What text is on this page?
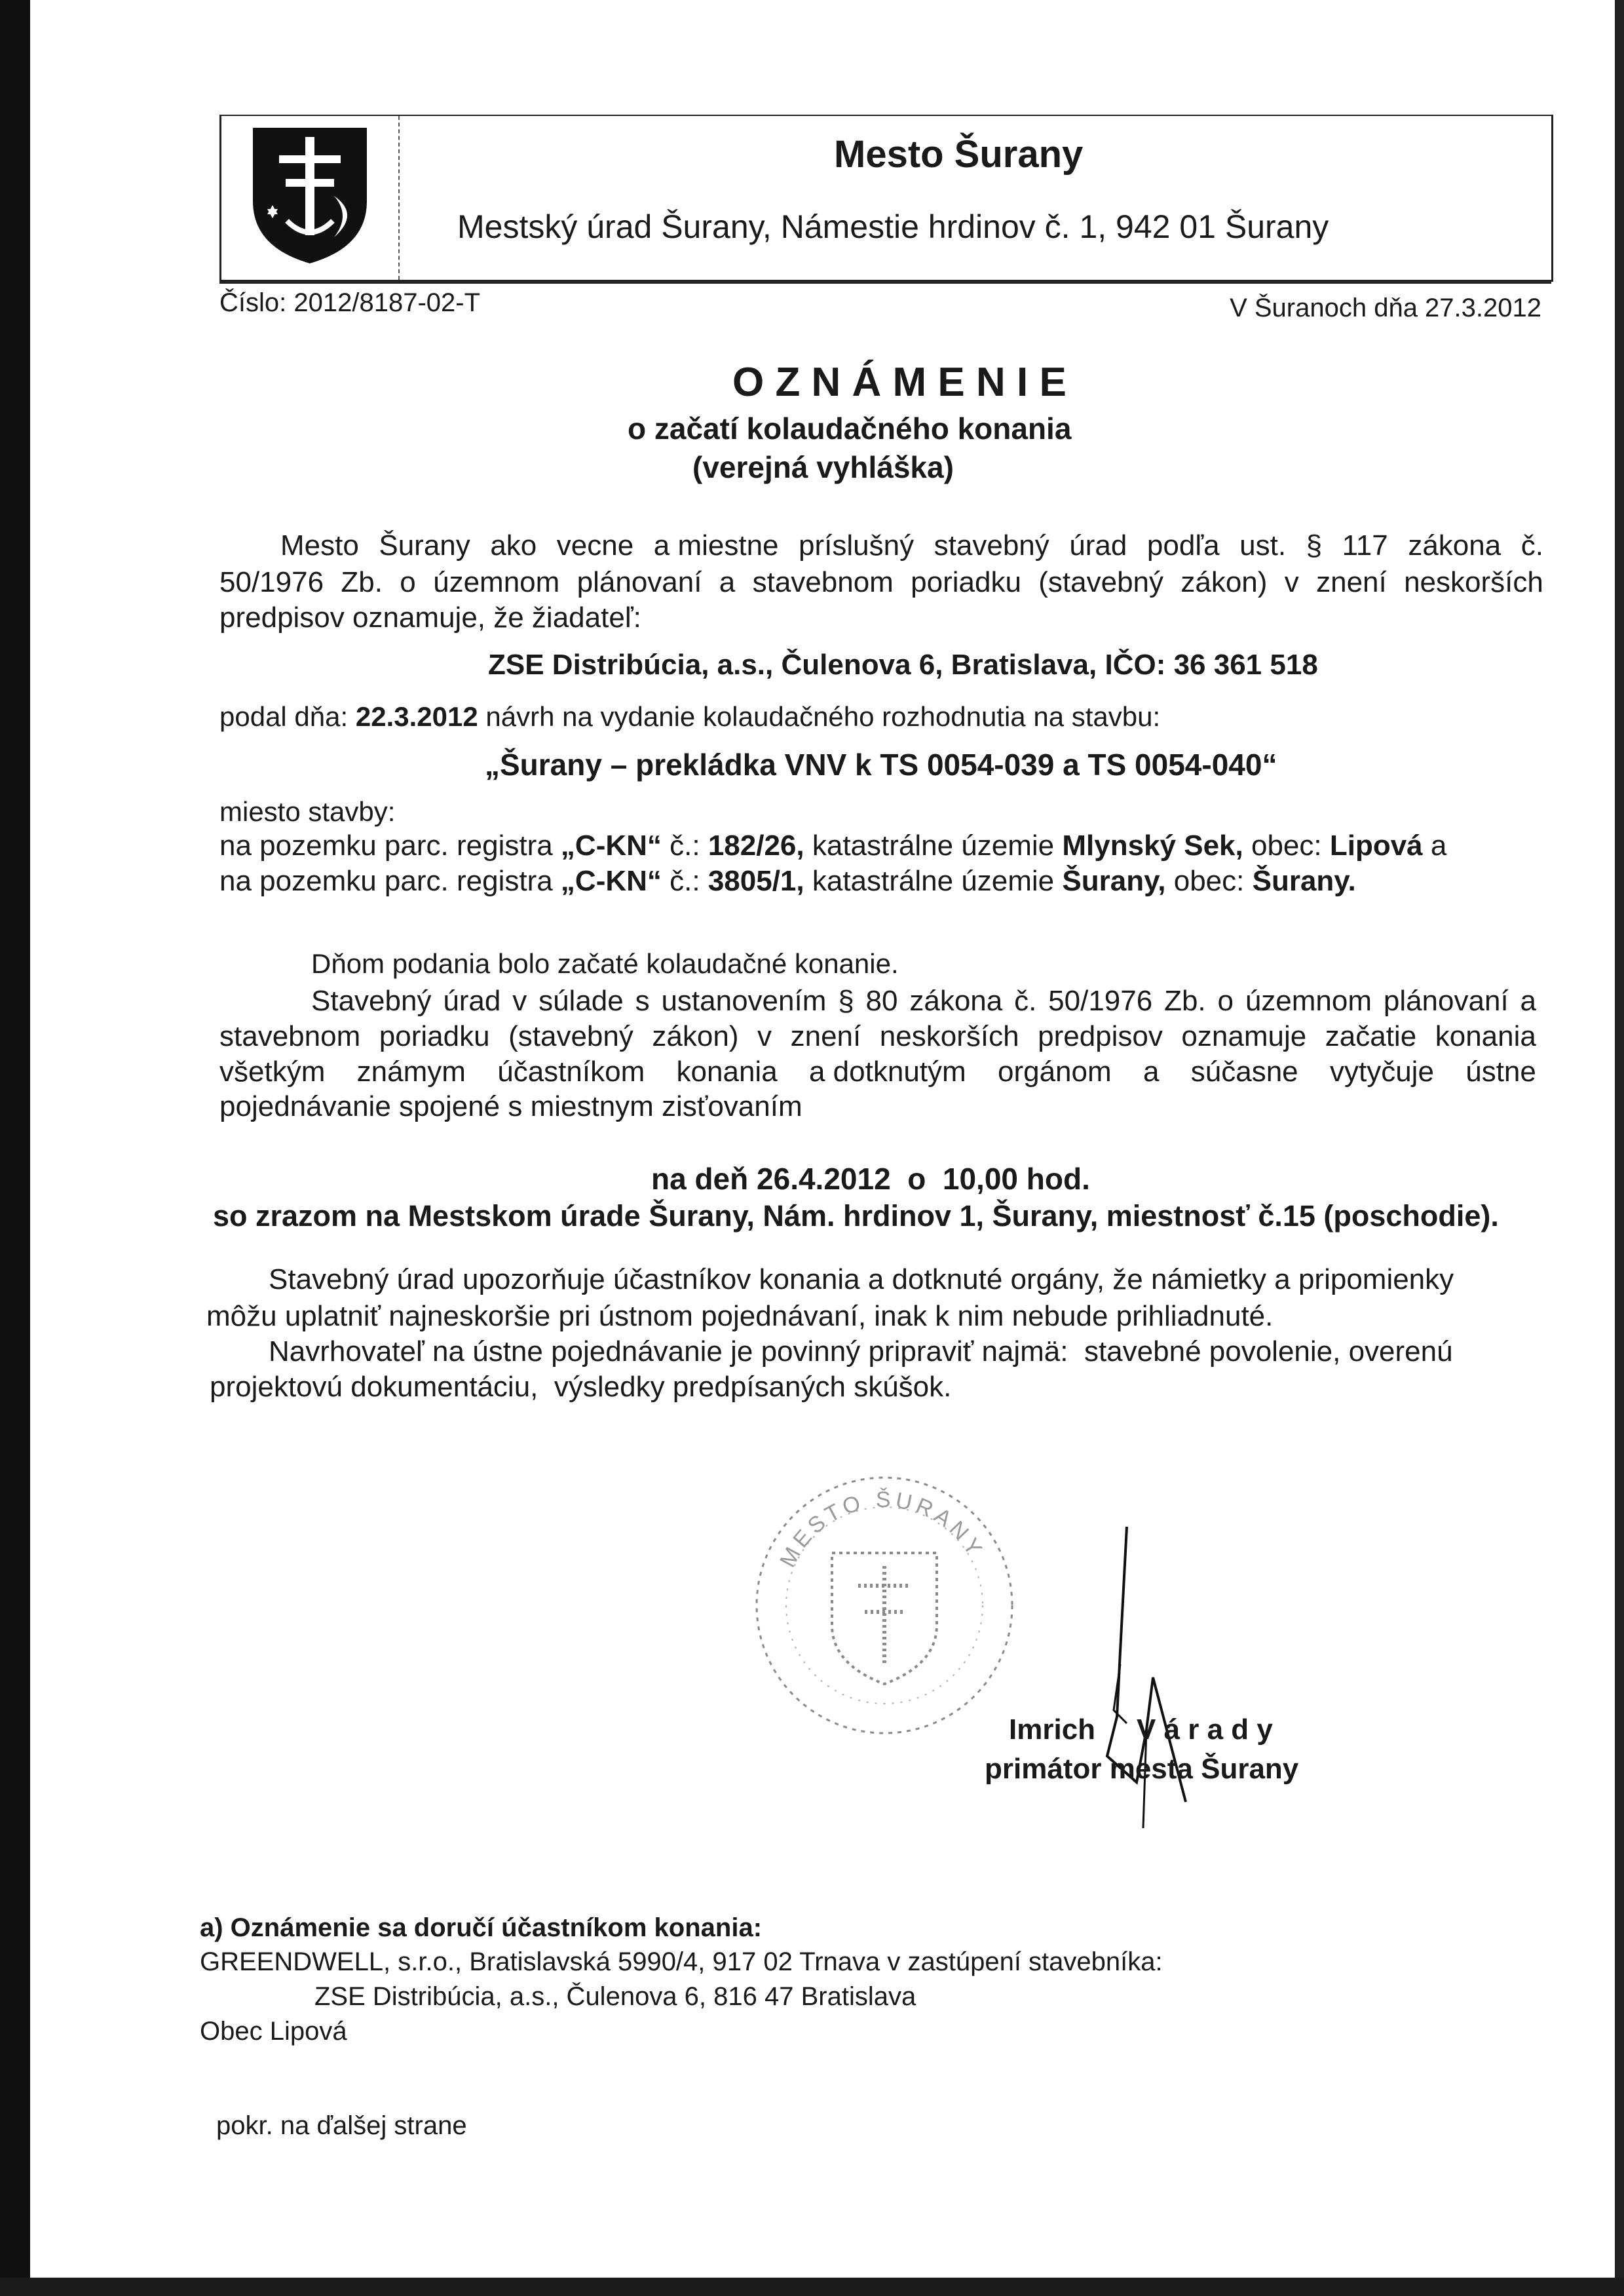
Mesto Šurany
Mestský úrad Šurany, Námestie hrdinov č. 1, 942 01 Šurany
Číslo: 2012/8187-02-T	V Šuranoch dňa 27.3.2012
O Z N Á M E N I E
o začatí kolaudačného konania
(verejná vyhláška)
Mesto Šurany ako vecne a miestne príslušný stavebný úrad podľa ust. § 117 zákona č.
50/1976 Zb. o územnom plánovaní a stavebnom poriadku (stavebný zákon) v znení neskorších
predpisov oznamuje, že žiadateľ:
ZSE Distribúcia, a.s., Čulenova 6, Bratislava, IČO: 36 361 518
podal dňa: 22.3.2012 návrh na vydanie kolaudačného rozhodnutia na stavbu:
„Šurany – prekládka VNV k TS 0054-039 a TS 0054-040“
miesto stavby:
na pozemku parc. registra „C-KN“ č.: 182/26, katastrálne územie Mlynský Sek, obec: Lipová a
na pozemku parc. registra „C-KN“ č.: 3805/1, katastrálne územie Šurany, obec: Šurany.
Dňom podania bolo začaté kolaudačné konanie.
Stavebný úrad v súlade s ustanovením § 80 zákona č. 50/1976 Zb. o územnom plánovaní a
stavebnom poriadku (stavebný zákon) v znení neskorších predpisov oznamuje začatie konania
všetkým známym účastníkom konania a dotknutým orgánom a súčasne vytyčuje ústne
pojednávanie spojené s miestnym zisťovaním
na deň 26.4.2012  o  10,00 hod.
so zrazom na Mestskom úrade Šurany, Nám. hrdinov 1, Šurany, miestnosť č.15 (poschodie).
Stavebný úrad upozorňuje účastníkov konania a dotknuté orgány, že námietky a pripomienky
môžu uplatniť najneskoršie pri ústnom pojednávaní, inak k nim nebude prihliadnuté.
Navrhovateľ na ústne pojednávanie je povinný pripraviť najmä:  stavebné povolenie, overenú
projektovú dokumentáciu,  výsledky predpísaných skúšok.
MESTO ŠURANY
Imrich V á r a d y
primátor mesta Šurany
a) Oznámenie sa doručí účastníkom konania:
GREENDWELL, s.r.o., Bratislavská 5990/4, 917 02 Trnava v zastúpení stavebníka:
ZSE Distribúcia, a.s., Čulenova 6, 816 47 Bratislava
Obec Lipová
pokr. na ďalšej strane
